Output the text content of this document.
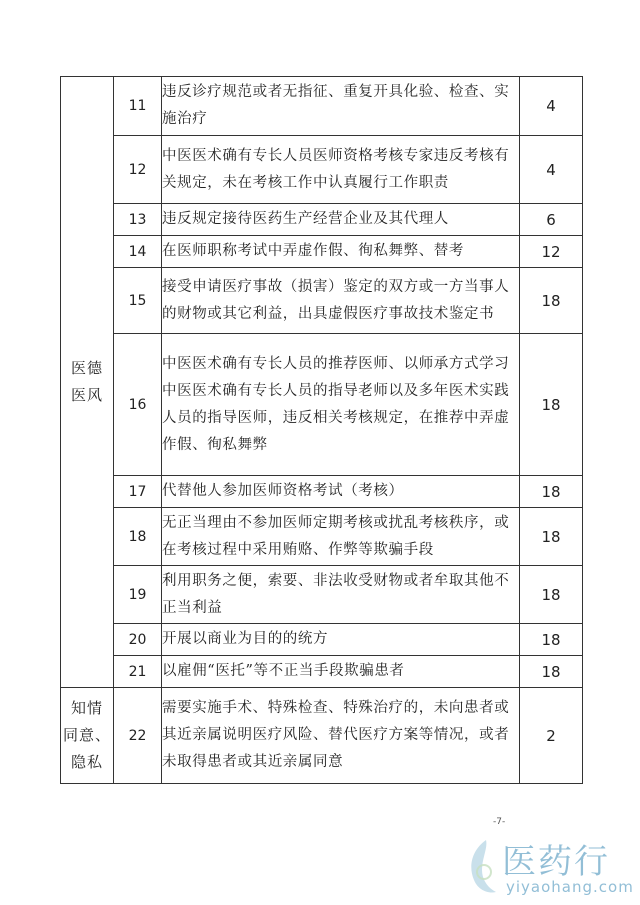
医德
医风	11	违反诊疗规范或者无指征、重复开具化验、检查、实施治疗	4
	12	中医医术确有专长人员医师资格考核专家违反考核有关规定，未在考核工作中认真履行工作职责	4
	13	违反规定接待医药生产经营企业及其代理人	6
	14	在医师职称考试中弄虚作假、徇私舞弊、替考	12
	15	接受申请医疗事故（损害）鉴定的双方或一方当事人的财物或其它利益，出具虚假医疗事故技术鉴定书	18
	16	中医医术确有专长人员的推荐医师、以师承方式学习中医医术确有专长人员的指导老师以及多年医术实践人员的指导医师，违反相关考核规定，在推荐中弄虚作假、徇私舞弊	18
	17	代替他人参加医师资格考试（考核）	18
	18	无正当理由不参加医师定期考核或扰乱考核秩序，或在考核过程中采用贿赂、作弊等欺骗手段	18
	19	利用职务之便，索要、非法收受财物或者牟取其他不正当利益	18
	20	开展以商业为目的的统方	18
	21	以雇佣“医托”等不正当手段欺骗患者	18

知情
同意、
隐私	22	需要实施手术、特殊检查、特殊治疗的，未向患者或其近亲属说明医疗风险、替代医疗方案等情况，或者未取得患者或其近亲属同意	2
-7-
医药行
yiyaohang.com
